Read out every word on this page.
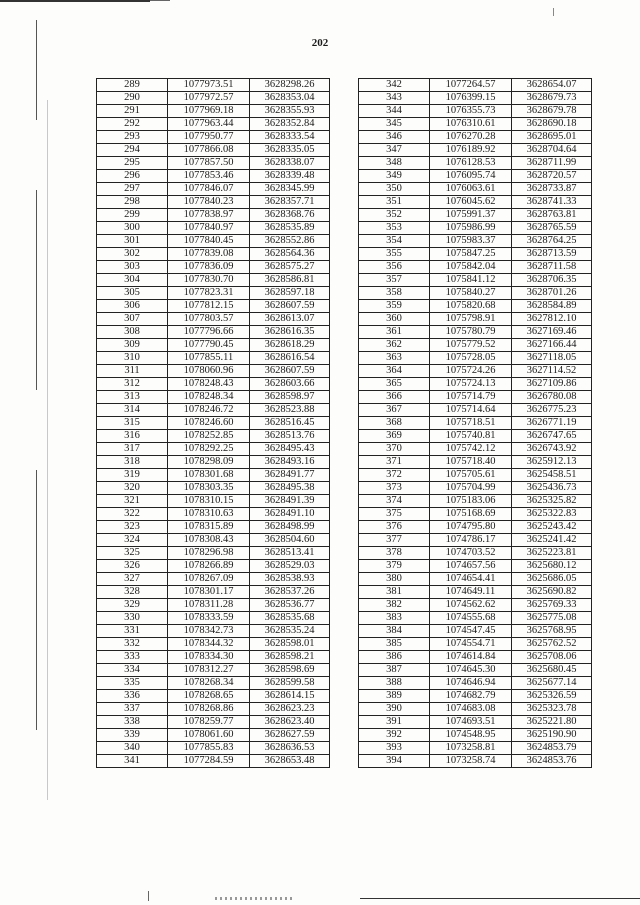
202
289	1077973.51	3628298.26
290	1077972.57	3628353.04
291	1077969.18	3628355.93
292	1077963.44	3628352.84
293	1077950.77	3628333.54
294	1077866.08	3628335.05
295	1077857.50	3628338.07
296	1077853.46	3628339.48
297	1077846.07	3628345.99
298	1077840.23	3628357.71
299	1077838.97	3628368.76
300	1077840.97	3628535.89
301	1077840.45	3628552.86
302	1077839.08	3628564.36
303	1077836.09	3628575.27
304	1077830.70	3628586.81
305	1077823.31	3628597.18
306	1077812.15	3628607.59
307	1077803.57	3628613.07
308	1077796.66	3628616.35
309	1077790.45	3628618.29
310	1077855.11	3628616.54
311	1078060.96	3628607.59
312	1078248.43	3628603.66
313	1078248.34	3628598.97
314	1078246.72	3628523.88
315	1078246.60	3628516.45
316	1078252.85	3628513.76
317	1078292.25	3628495.43
318	1078298.09	3628493.16
319	1078301.68	3628491.77
320	1078303.35	3628495.38
321	1078310.15	3628491.39
322	1078310.63	3628491.10
323	1078315.89	3628498.99
324	1078308.43	3628504.60
325	1078296.98	3628513.41
326	1078266.89	3628529.03
327	1078267.09	3628538.93
328	1078301.17	3628537.26
329	1078311.28	3628536.77
330	1078333.59	3628535.68
331	1078342.73	3628535.24
332	1078344.32	3628598.01
333	1078334.30	3628598.21
334	1078312.27	3628598.69
335	1078268.34	3628599.58
336	1078268.65	3628614.15
337	1078268.86	3628623.23
338	1078259.77	3628623.40
339	1078061.60	3628627.59
340	1077855.83	3628636.53
341	1077284.59	3628653.48
342	1077264.57	3628654.07
343	1076399.15	3628679.73
344	1076355.73	3628679.78
345	1076310.61	3628690.18
346	1076270.28	3628695.01
347	1076189.92	3628704.64
348	1076128.53	3628711.99
349	1076095.74	3628720.57
350	1076063.61	3628733.87
351	1076045.62	3628741.33
352	1075991.37	3628763.81
353	1075986.99	3628765.59
354	1075983.37	3628764.25
355	1075847.25	3628713.59
356	1075842.04	3628711.58
357	1075841.12	3628706.35
358	1075840.27	3628701.26
359	1075820.68	3628584.89
360	1075798.91	3627812.10
361	1075780.79	3627169.46
362	1075779.52	3627166.44
363	1075728.05	3627118.05
364	1075724.26	3627114.52
365	1075724.13	3627109.86
366	1075714.79	3626780.08
367	1075714.64	3626775.23
368	1075718.51	3626771.19
369	1075740.81	3626747.65
370	1075742.12	3626743.92
371	1075718.40	3625912.13
372	1075705.61	3625458.51
373	1075704.99	3625436.73
374	1075183.06	3625325.82
375	1075168.69	3625322.83
376	1074795.80	3625243.42
377	1074786.17	3625241.42
378	1074703.52	3625223.81
379	1074657.56	3625680.12
380	1074654.41	3625686.05
381	1074649.11	3625690.82
382	1074562.62	3625769.33
383	1074555.68	3625775.08
384	1074547.45	3625768.95
385	1074554.71	3625762.52
386	1074614.84	3625708.06
387	1074645.30	3625680.45
388	1074646.94	3625677.14
389	1074682.79	3625326.59
390	1074683.08	3625323.78
391	1074693.51	3625221.80
392	1074548.95	3625190.90
393	1073258.81	3624853.79
394	1073258.74	3624853.76
